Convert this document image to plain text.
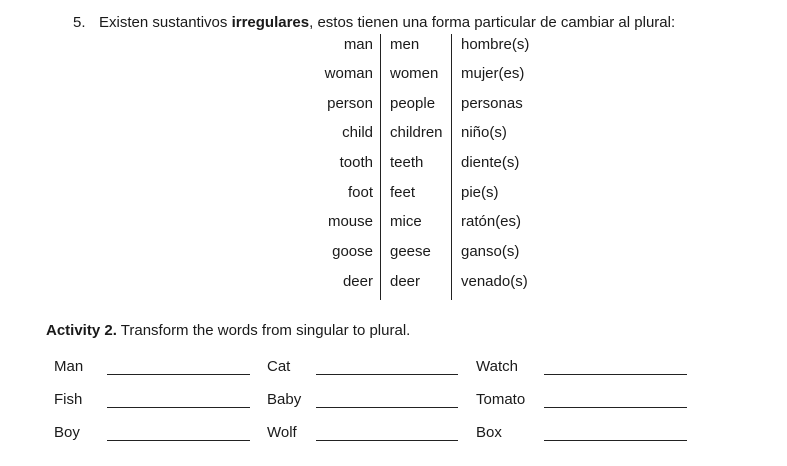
5. Existen sustantivos irregulares, estos tienen una forma particular de cambiar al plural:
man men	hombre(s)
woman women mujer(es)
person people personas
child children niño(s)
tooth teeth	diente(s)
foot feet	pie(s)
mouse mice	ratón(es)
goose geese ganso(s)
deer deer	venado(s)
Activity 2. Transform the words from singular to plural.
Man	Cat	Watch
Fish	Baby	Tomato
Boy	Wolf	Box
